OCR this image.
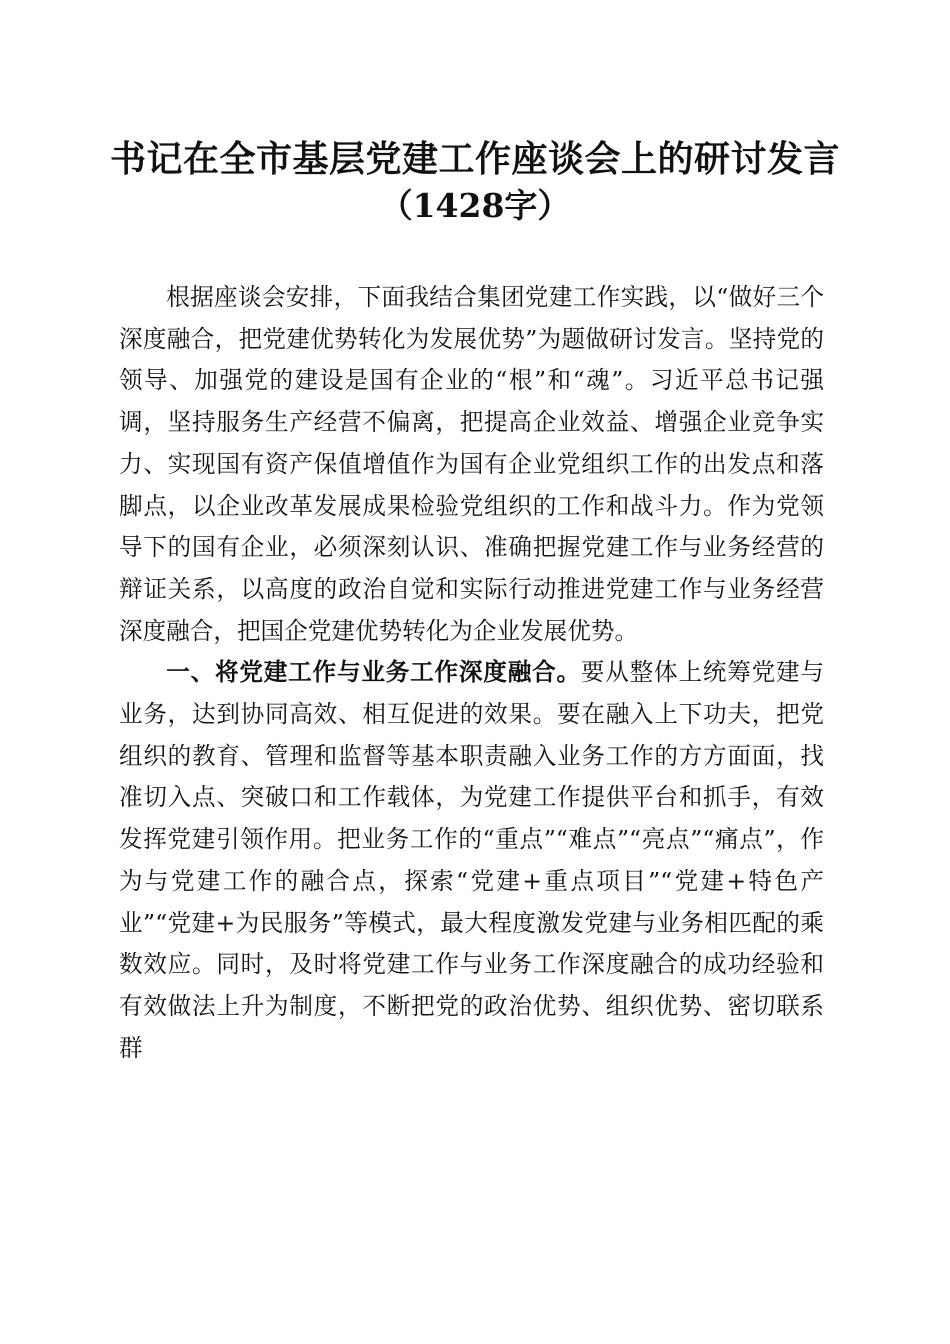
书记在全市基层党建工作座谈会上的研讨发言
（1428字）

根据座谈会安排，下面我结合集团党建工作实践，以“做好三个深度融合，把党建优势转化为发展优势”为题做研讨发言。坚持党的领导、加强党的建设是国有企业的“根”和“魂”。习近平总书记强调，坚持服务生产经营不偏离，把提高企业效益、增强企业竞争实力、实现国有资产保值增值作为国有企业党组织工作的出发点和落脚点，以企业改革发展成果检验党组织的工作和战斗力。作为党领导下的国有企业，必须深刻认识、准确把握党建工作与业务经营的辩证关系，以高度的政治自觉和实际行动推进党建工作与业务经营深度融合，把国企党建优势转化为企业发展优势。

一、将党建工作与业务工作深度融合。要从整体上统筹党建与业务，达到协同高效、相互促进的效果。要在融入上下功夫，把党组织的教育、管理和监督等基本职责融入业务工作的方方面面，找准切入点、突破口和工作载体，为党建工作提供平台和抓手，有效发挥党建引领作用。把业务工作的“重点”“难点”“亮点”“痛点”，作为与党建工作的融合点，探索“党建+重点项目”“党建+特色产业”“党建+为民服务”等模式，最大程度激发党建与业务相匹配的乘数效应。同时，及时将党建工作与业务工作深度融合的成功经验和有效做法上升为制度，不断把党的政治优势、组织优势、密切联系群
